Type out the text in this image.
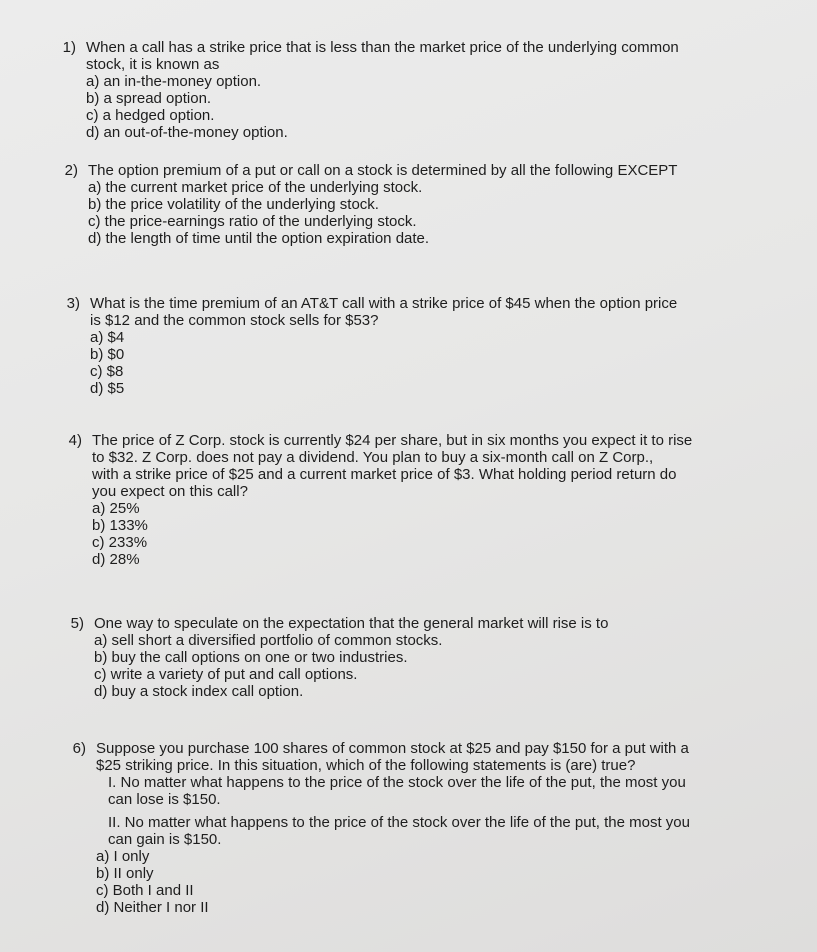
1) When a call has a strike price that is less than the market price of the underlying common
stock, it is known as
a) an in-the-money option.
b) a spread option.
c) a hedged option.
d) an out-of-the-money option.
2) The option premium of a put or call on a stock is determined by all the following EXCEPT
a) the current market price of the underlying stock.
b) the price volatility of the underlying stock.
c) the price-earnings ratio of the underlying stock.
d) the length of time until the option expiration date.
3) What is the time premium of an AT&T call with a strike price of $45 when the option price
is $12 and the common stock sells for $53?
a) $4
b) $0
c) $8
d) $5
4) The price of Z Corp. stock is currently $24 per share, but in six months you expect it to rise
to $32. Z Corp. does not pay a dividend. You plan to buy a six-month call on Z Corp.,
with a strike price of $25 and a current market price of $3. What holding period return do
you expect on this call?
a) 25%
b) 133%
c) 233%
d) 28%
5) One way to speculate on the expectation that the general market will rise is to
a) sell short a diversified portfolio of common stocks.
b) buy the call options on one or two industries.
c) write a variety of put and call options.
d) buy a stock index call option.
6) Suppose you purchase 100 shares of common stock at $25 and pay $150 for a put with a
$25 striking price. In this situation, which of the following statements is (are) true?
I. No matter what happens to the price of the stock over the life of the put, the most you
can lose is $150.
II. No matter what happens to the price of the stock over the life of the put, the most you
can gain is $150.
a) I only
b) II only
c) Both I and II
d) Neither I nor II
